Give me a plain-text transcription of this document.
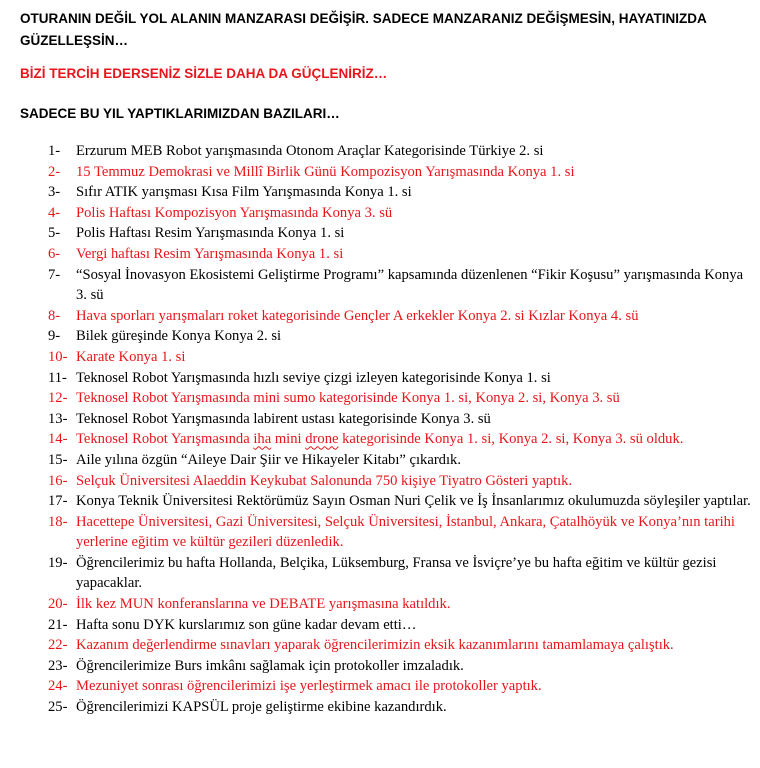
OTURANIN DEĞİL YOL ALANIN MANZARASI DEĞİŞİR. SADECE MANZARANIZ DEĞİŞMESİN, HAYATINIZDA GÜZELLEŞSİN…

BİZİ TERCİH EDERSENİZ SİZLE DAHA DA GÜÇLENİRİZ…

SADECE BU YIL YAPTIKLARIMIZDAN BAZILARI…

1- Erzurum MEB Robot yarışmasında Otonom Araçlar Kategorisinde Türkiye 2. si
2- 15 Temmuz Demokrasi ve Millî Birlik Günü Kompozisyon Yarışmasında Konya 1. si
3- Sıfır ATIK yarışması Kısa Film Yarışmasında Konya 1. si
4- Polis Haftası Kompozisyon Yarışmasında Konya 3. sü
5- Polis Haftası Resim Yarışmasında Konya 1. si
6- Vergi haftası Resim Yarışmasında Konya 1. si
7- “Sosyal İnovasyon Ekosistemi Geliştirme Programı” kapsamında düzenlenen “Fikir Koşusu” yarışmasında Konya 3. sü
8- Hava sporları yarışmaları roket kategorisinde Gençler A erkekler Konya 2. si Kızlar Konya 4. sü
9- Bilek güreşinde Konya Konya 2. si
10- Karate Konya 1. si
11- Teknosel Robot Yarışmasında hızlı seviye çizgi izleyen kategorisinde Konya 1. si
12- Teknosel Robot Yarışmasında mini sumo kategorisinde Konya 1. si, Konya 2. si, Konya 3. sü
13- Teknosel Robot Yarışmasında labirent ustası kategorisinde Konya 3. sü
14- Teknosel Robot Yarışmasında iha mini drone kategorisinde Konya 1. si, Konya 2. si, Konya 3. sü olduk.
15- Aile yılına özgün “Aileye Dair Şiir ve Hikayeler Kitabı” çıkardık.
16- Selçuk Üniversitesi Alaeddin Keykubat Salonunda 750 kişiye Tiyatro Gösteri yaptık.
17- Konya Teknik Üniversitesi Rektörümüz Sayın Osman Nuri Çelik ve İş İnsanlarımız okulumuzda söyleşiler yaptılar.
18- Hacettepe Üniversitesi, Gazi Üniversitesi, Selçuk Üniversitesi, İstanbul, Ankara, Çatalhöyük ve Konya’nın tarihi yerlerine eğitim ve kültür gezileri düzenledik.
19- Öğrencilerimiz bu hafta Hollanda, Belçika, Lüksemburg, Fransa ve İsviçre’ye bu hafta eğitim ve kültür gezisi yapacaklar.
20- İlk kez MUN konferanslarına ve DEBATE yarışmasına katıldık.
21- Hafta sonu DYK kurslarımız son güne kadar devam etti…
22- Kazanım değerlendirme sınavları yaparak öğrencilerimizin eksik kazanımlarını tamamlamaya çalıştık.
23- Öğrencilerimize Burs imkânı sağlamak için protokoller imzaladık.
24- Mezuniyet sonrası öğrencilerimizi işe yerleştirmek amacı ile protokoller yaptık.
25- Öğrencilerimizi KAPSÜL proje geliştirme ekibine kazandırdık.
